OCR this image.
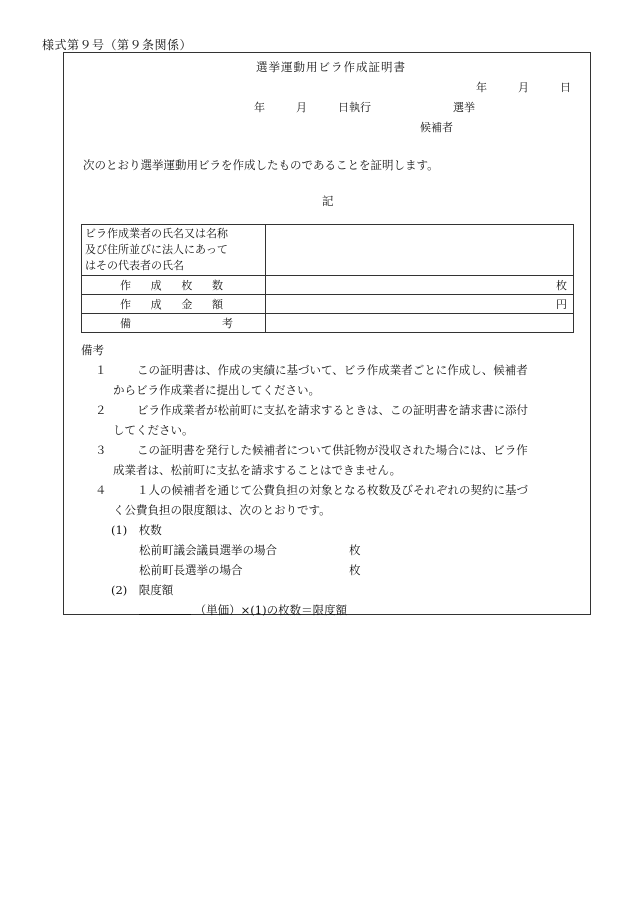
様式第９号（第９条関係）
選挙運動用ビラ作成証明書
年	月	日
年	月	日執行	選挙
候補者
次のとおり選挙運動用ビラを作成したものであることを証明します。
記
ビラ作成業者の氏名又は名称
及び住所並びに法人にあって
はその代表者の氏名	

作 成 枚 数	枚

作 成 金 額	円

備 考	

備考
１	この証明書は、作成の実績に基づいて、ビラ作成業者ごとに作成し、候補者
からビラ作成業者に提出してください。
２	ビラ作成業者が松前町に支払を請求するときは、この証明書を請求書に添付
してください。
３	この証明書を発行した候補者について供託物が没収された場合には、ビラ作
成業者は、松前町に支払を請求することはできません。
４	１人の候補者を通じて公費負担の対象となる枚数及びそれぞれの契約に基づ
く公費負担の限度額は、次のとおりです。
(1)　枚数
松前町議会議員選挙の場合	枚
松前町長選挙の場合	枚
(2)　限度額
（単価）×(1)の枚数＝限度額
